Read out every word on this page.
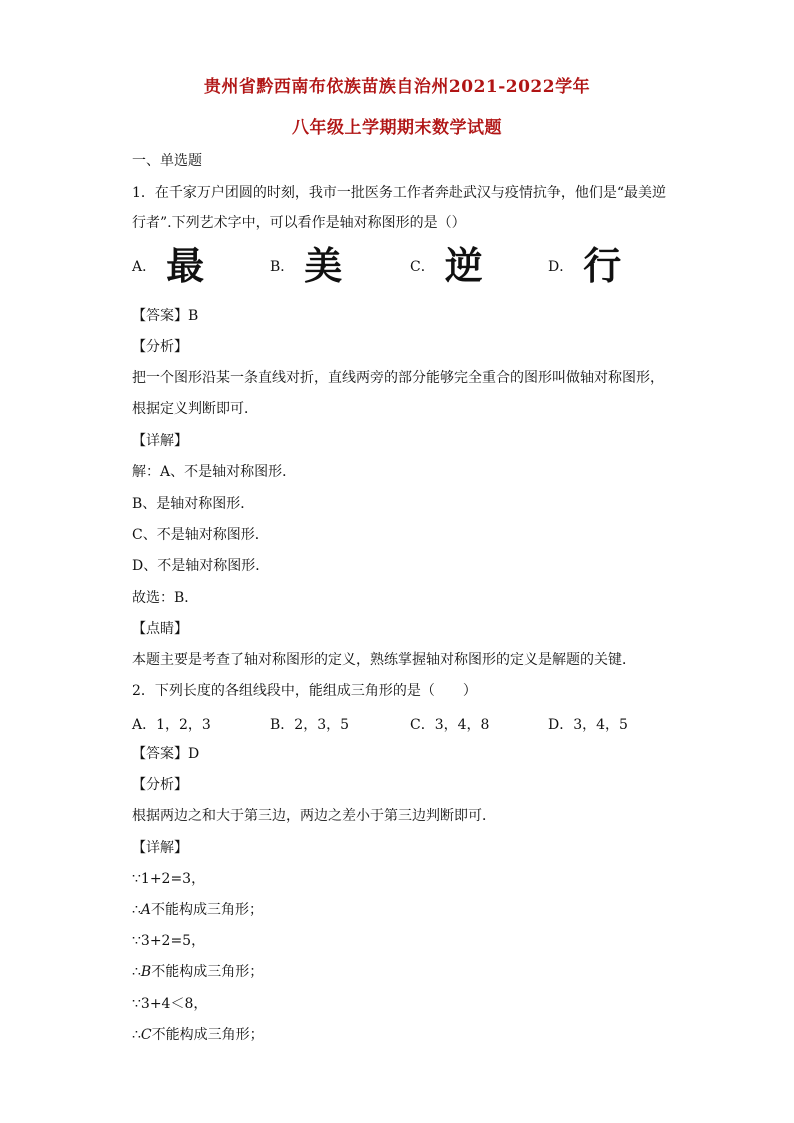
贵州省黔西南布依族苗族自治州2021-2022学年
八年级上学期期末数学试题
一、单选题
1．在千家万户团圆的时刻，我市一批医务工作者奔赴武汉与疫情抗争，他们是“最美逆
行者”.下列艺术字中，可以看作是轴对称图形的是（）
A． 最	B． 美	C． 逆	D． 行
【答案】B
【分析】
把一个图形沿某一条直线对折，直线两旁的部分能够完全重合的图形叫做轴对称图形，
根据定义判断即可．
【详解】
解：A、不是轴对称图形．
B、是轴对称图形．
C、不是轴对称图形．
D、不是轴对称图形．
故选：B．
【点睛】
本题主要是考查了轴对称图形的定义，熟练掌握轴对称图形的定义是解题的关键．
2．下列长度的各组线段中，能组成三角形的是（　　）
A．1，2，3	B．2，3，5	C．3，4，8	D．3，4，5
【答案】D
【分析】
根据两边之和大于第三边，两边之差小于第三边判断即可．
【详解】
∵1+2=3，
∴A不能构成三角形；
∵3+2=5，
∴B不能构成三角形；
∵3+4＜8，
∴C不能构成三角形；
